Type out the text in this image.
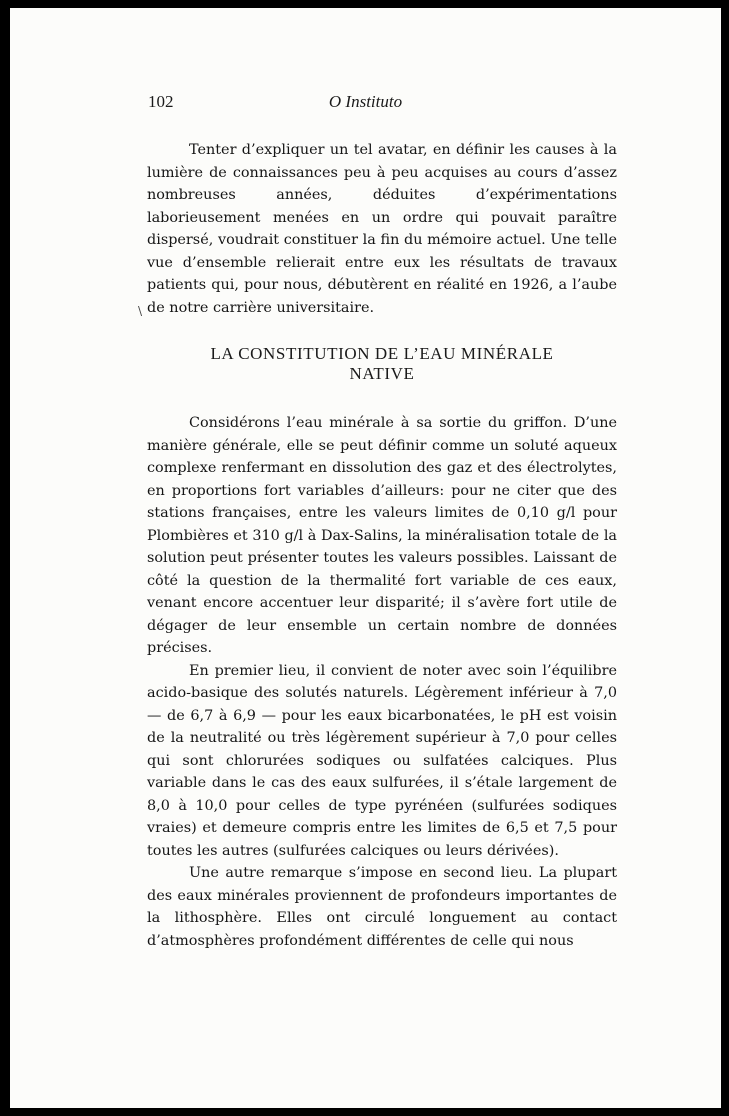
102	O Instituto
\

Tenter d’expliquer un tel avatar, en définir les causes à la lumière de connaissances peu à peu acquises au cours d’assez nombreuses années, déduites d’expérimentations laborieusement menées en un ordre qui pouvait paraître dispersé, voudrait constituer la fin du mémoire actuel. Une telle vue d’ensemble relierait entre eux les résultats de travaux patients qui, pour nous, débutèrent en réalité en 1926, a l’aube de notre carrière universitaire.

LA CONSTITUTION DE L’EAU MINÉRALE
NATIVE

Considérons l’eau minérale à sa sortie du griffon. D’une manière générale, elle se peut définir comme un soluté aqueux complexe renfermant en dissolution des gaz et des électrolytes, en proportions fort variables d’ailleurs: pour ne citer que des stations françaises, entre les valeurs limites de 0,10 g/l pour Plombières et 310 g/l à Dax-Salins, la minéralisation totale de la solution peut présenter toutes les valeurs possibles. Laissant de côté la question de la thermalité fort variable de ces eaux, venant encore accentuer leur disparité; il s’avère fort utile de dégager de leur ensemble un certain nombre de données précises.

En premier lieu, il convient de noter avec soin l’équilibre acido-basique des solutés naturels. Légèrement inférieur à 7,0 — de 6,7 à 6,9 — pour les eaux bicarbonatées, le pH est voisin de la neutralité ou très légèrement supérieur à 7,0 pour celles qui sont chlorurées sodiques ou sulfatées calciques. Plus variable dans le cas des eaux sulfurées, il s’étale largement de 8,0 à 10,0 pour celles de type pyrénéen (sulfurées sodiques vraies) et demeure compris entre les limites de 6,5 et 7,5 pour toutes les autres (sulfurées calciques ou leurs dérivées).

Une autre remarque s’impose en second lieu. La plupart des eaux minérales proviennent de profondeurs importantes de la lithosphère. Elles ont circulé longuement au contact d’atmosphères profondément différentes de celle qui nous
